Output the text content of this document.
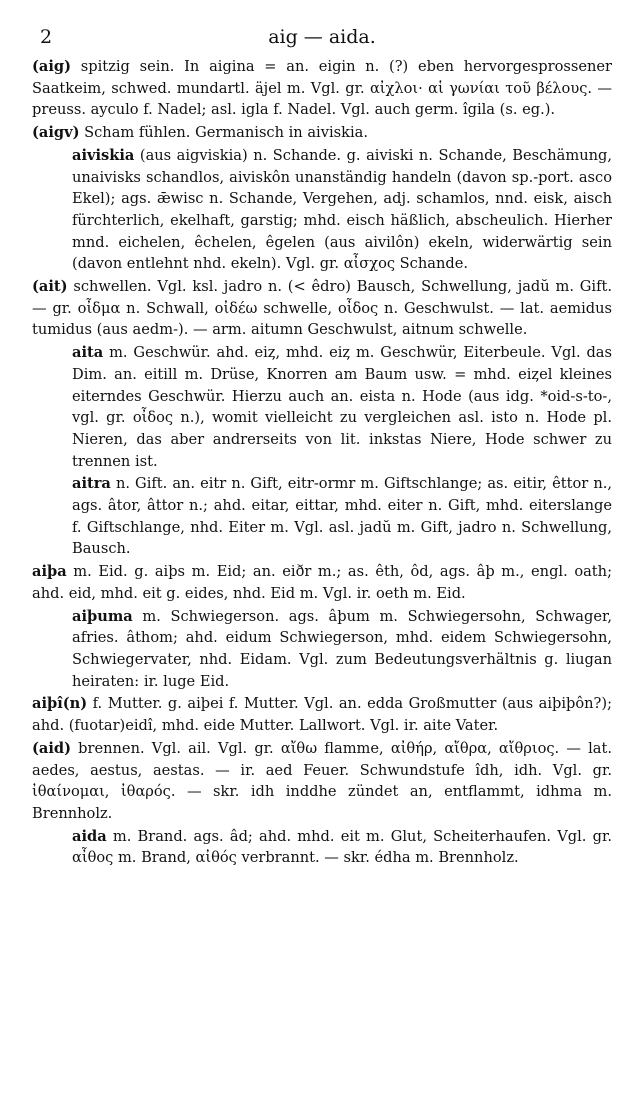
2	aig — aida.

(aig) spitzig sein. In aigina = an. eigin n. (?) eben hervorgesprossener Saatkeim, schwed. mundartl. äjel m. Vgl. gr. αἰχλοι· αἱ γωνίαι τοῦ βέλους. — preuss. ayculo f. Nadel; asl. igla f. Nadel. Vgl. auch germ. îgila (s. eg.).

(aigv) Scham fühlen. Germanisch in aiviskia.

aiviskia (aus aigviskia) n. Schande. g. aiviski n. Schande, Beschämung, unaivisks schandlos, aiviskôn unanständig handeln (davon sp.-port. asco Ekel); ags. ǣwisc n. Schande, Vergehen, adj. schamlos, nnd. eisk, aisch fürchterlich, ekelhaft, garstig; mhd. eisch häßlich, abscheulich. Hierher mnd. eichelen, êchelen, êgelen (aus aivilôn) ekeln, widerwärtig sein (davon entlehnt nhd. ekeln). Vgl. gr. αἶσχος Schande.

(ait) schwellen. Vgl. ksl. jadro n. (< êdro) Bausch, Schwellung, jadŭ m. Gift. — gr. οἶδμα n. Schwall, οἰδέω schwelle, οἶδος n. Geschwulst. — lat. aemidus tumidus (aus aedm-). — arm. aitumn Geschwulst, aitnum schwelle.

aita m. Geschwür. ahd. eiȥ, mhd. eiȥ m. Geschwür, Eiterbeule. Vgl. das Dim. an. eitill m. Drüse, Knorren am Baum usw. = mhd. eiȥel kleines eiterndes Geschwür. Hierzu auch an. eista n. Hode (aus idg. *oid-s-to-, vgl. gr. οἶδος n.), womit vielleicht zu vergleichen asl. isto n. Hode pl. Nieren, das aber andrerseits von lit. inkstas Niere, Hode schwer zu trennen ist.

aitra n. Gift. an. eitr n. Gift, eitr-ormr m. Giftschlange; as. eitir, êttor n., ags. âtor, âttor n.; ahd. eitar, eittar, mhd. eiter n. Gift, mhd. eiterslange f. Giftschlange, nhd. Eiter m. Vgl. asl. jadŭ m. Gift, jadro n. Schwellung, Bausch.

aiþa m. Eid. g. aiþs m. Eid; an. eiðr m.; as. êth, ôd, ags. âþ m., engl. oath; ahd. eid, mhd. eit g. eides, nhd. Eid m. Vgl. ir. oeth m. Eid.

aiþuma m. Schwiegerson. ags. âþum m. Schwiegersohn, Schwager, afries. âthom; ahd. eidum Schwiegerson, mhd. eidem Schwiegersohn, Schwiegervater, nhd. Eidam. Vgl. zum Bedeutungsverhältnis g. liugan heiraten: ir. luge Eid.

aiþî(n) f. Mutter. g. aiþei f. Mutter. Vgl. an. edda Großmutter (aus aiþiþôn?); ahd. (fuotar)eidî, mhd. eide Mutter. Lallwort. Vgl. ir. aite Vater.

(aid) brennen. Vgl. ail. Vgl. gr. αἴθω flamme, αἰθήρ, αἴθρα, αἴθριος. — lat. aedes, aestus, aestas. — ir. aed Feuer. Schwundstufe îdh, idh. Vgl. gr. ἰθαίνομαι, ἰθαρός. — skr. idh inddhe zündet an, entflammt, idhma m. Brennholz.

aida m. Brand. ags. âd; ahd. mhd. eit m. Glut, Scheiterhaufen. Vgl. gr. αἶθος m. Brand, αἰθός verbrannt. — skr. édha m. Brennholz.
